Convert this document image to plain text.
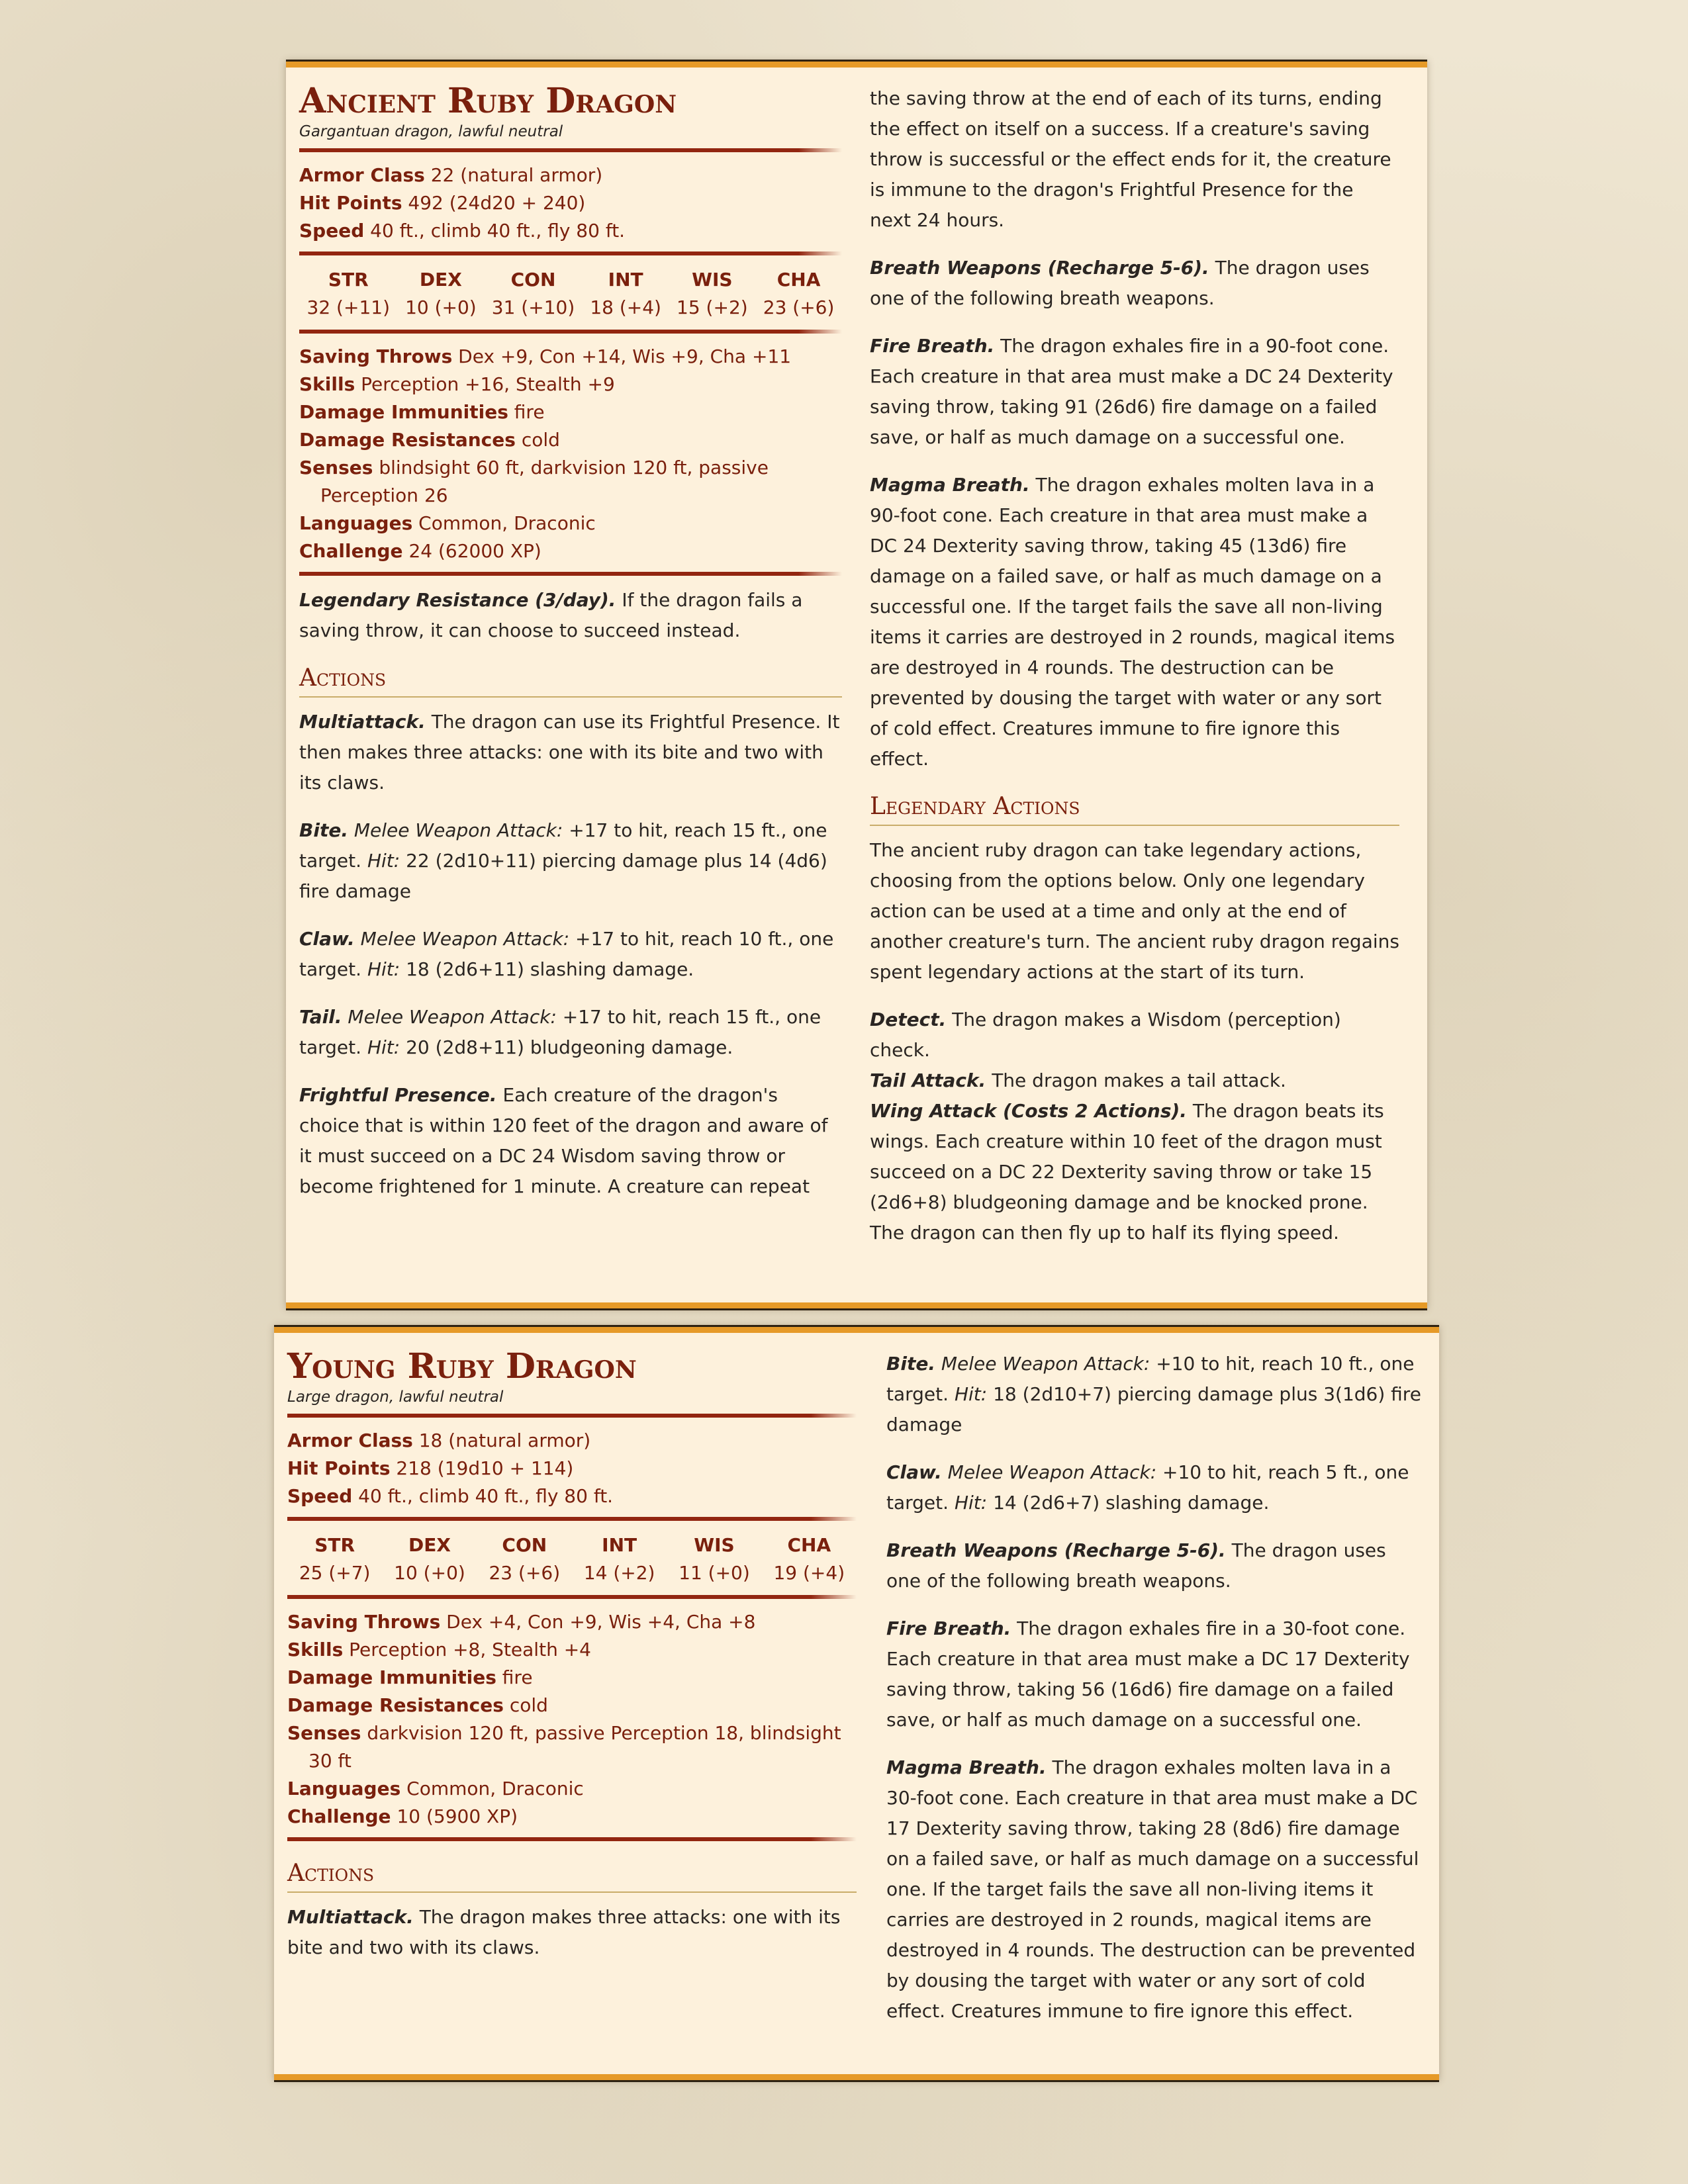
Ancient Ruby Dragon
Gargantuan dragon, lawful neutral
Armor Class 22 (natural armor)
Hit Points 492 (24d20 + 240)
Speed 40 ft., climb 40 ft., fly 80 ft.
STR
32 (+11)
DEX
10 (+0)
CON
31 (+10)
INT
18 (+4)
WIS
15 (+2)
CHA
23 (+6)
Saving Throws Dex +9, Con +14, Wis +9, Cha +11
Skills Perception +16, Stealth +9
Damage Immunities fire
Damage Resistances cold
Senses blindsight 60 ft, darkvision 120 ft, passive Perception 26
Languages Common, Draconic
Challenge 24 (62000 XP)

Legendary Resistance (3/day). If the dragon fails a saving throw, it can choose to succeed instead.

Actions

Multiattack. The dragon can use its Frightful Presence. It then makes three attacks: one with its bite and two with its claws.

Bite. Melee Weapon Attack: +17 to hit, reach 15 ft., one target. Hit: 22 (2d10+11) piercing damage plus 14 (4d6) fire damage

Claw. Melee Weapon Attack: +17 to hit, reach 10 ft., one target. Hit: 18 (2d6+11) slashing damage.

Tail. Melee Weapon Attack: +17 to hit, reach 15 ft., one target. Hit: 20 (2d8+11) bludgeoning damage.

Frightful Presence. Each creature of the dragon's choice that is within 120 feet of the dragon and aware of it must succeed on a DC 24 Wisdom saving throw or become frightened for 1 minute. A creature can repeat

the saving throw at the end of each of its turns, ending the effect on itself on a success. If a creature's saving throw is successful or the effect ends for it, the creature is immune to the dragon's Frightful Presence for the next 24 hours.

Breath Weapons (Recharge 5-6). The dragon uses one of the following breath weapons.

Fire Breath. The dragon exhales fire in a 90-foot cone. Each creature in that area must make a DC 24 Dexterity saving throw, taking 91 (26d6) fire damage on a failed save, or half as much damage on a successful one.

Magma Breath. The dragon exhales molten lava in a 90-foot cone. Each creature in that area must make a DC 24 Dexterity saving throw, taking 45 (13d6) fire damage on a failed save, or half as much damage on a successful one. If the target fails the save all non-living items it carries are destroyed in 2 rounds, magical items are destroyed in 4 rounds. The destruction can be prevented by dousing the target with water or any sort of cold effect. Creatures immune to fire ignore this effect.

Legendary Actions

The ancient ruby dragon can take legendary actions, choosing from the options below. Only one legendary action can be used at a time and only at the end of another creature's turn. The ancient ruby dragon regains spent legendary actions at the start of its turn.

Detect. The dragon makes a Wisdom (perception) check.

Tail Attack. The dragon makes a tail attack.

Wing Attack (Costs 2 Actions). The dragon beats its wings. Each creature within 10 feet of the dragon must succeed on a DC 22 Dexterity saving throw or take 15 (2d6+8) bludgeoning damage and be knocked prone. The dragon can then fly up to half its flying speed.

Young Ruby Dragon
Large dragon, lawful neutral
Armor Class 18 (natural armor)
Hit Points 218 (19d10 + 114)
Speed 40 ft., climb 40 ft., fly 80 ft.
STR
25 (+7)
DEX
10 (+0)
CON
23 (+6)
INT
14 (+2)
WIS
11 (+0)
CHA
19 (+4)
Saving Throws Dex +4, Con +9, Wis +4, Cha +8
Skills Perception +8, Stealth +4
Damage Immunities fire
Damage Resistances cold
Senses darkvision 120 ft, passive Perception 18, blindsight 30 ft
Languages Common, Draconic
Challenge 10 (5900 XP)
Actions

Multiattack. The dragon makes three attacks: one with its bite and two with its claws.

Bite. Melee Weapon Attack: +10 to hit, reach 10 ft., one target. Hit: 18 (2d10+7) piercing damage plus 3(1d6) fire damage

Claw. Melee Weapon Attack: +10 to hit, reach 5 ft., one target. Hit: 14 (2d6+7) slashing damage.

Breath Weapons (Recharge 5-6). The dragon uses one of the following breath weapons.

Fire Breath. The dragon exhales fire in a 30-foot cone. Each creature in that area must make a DC 17 Dexterity saving throw, taking 56 (16d6) fire damage on a failed save, or half as much damage on a successful one.

Magma Breath. The dragon exhales molten lava in a 30-foot cone. Each creature in that area must make a DC 17 Dexterity saving throw, taking 28 (8d6) fire damage on a failed save, or half as much damage on a successful one. If the target fails the save all non-living items it carries are destroyed in 2 rounds, magical items are destroyed in 4 rounds. The destruction can be prevented by dousing the target with water or any sort of cold effect. Creatures immune to fire ignore this effect.
